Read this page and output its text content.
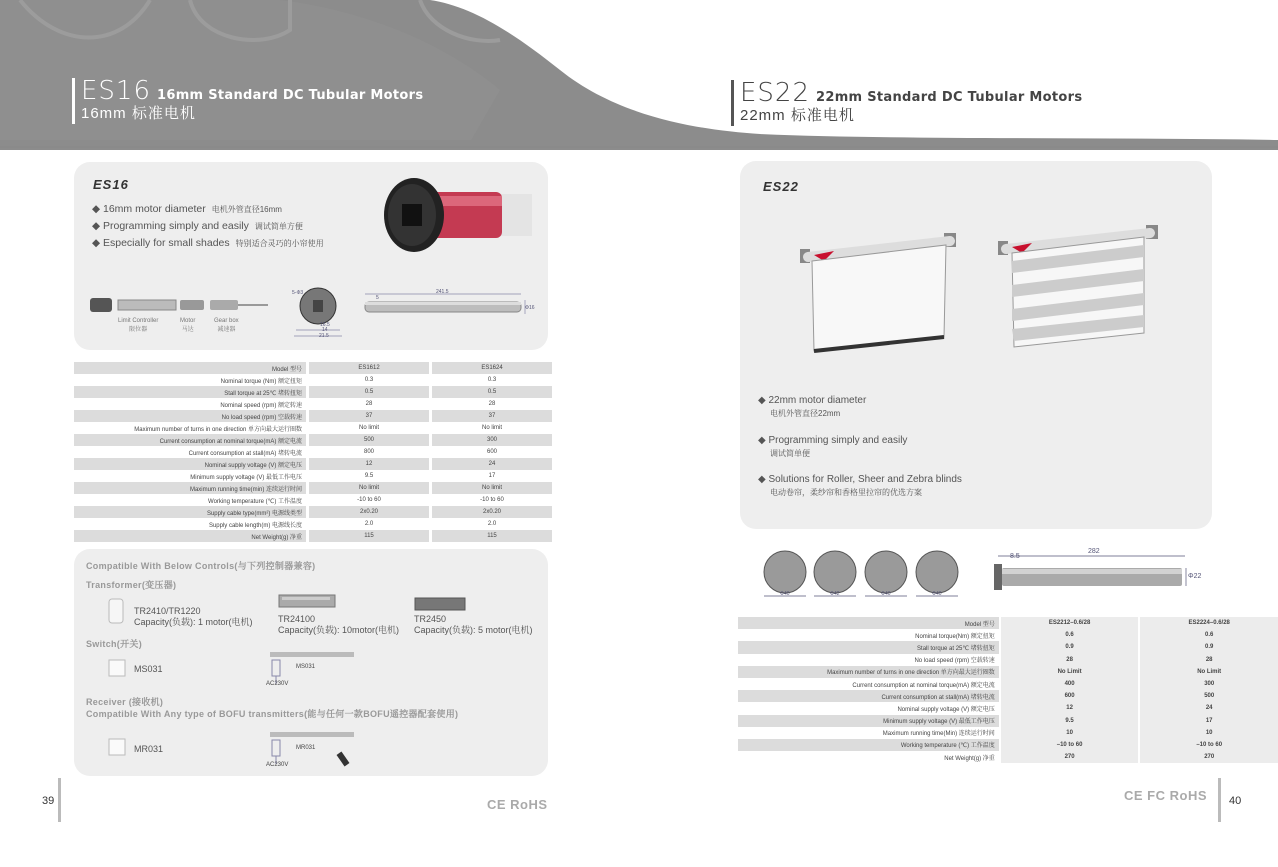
ES16 16mm Standard DC Tubular Motors
16mm 标准电机
ES22 22mm Standard DC Tubular Motors
22mm 标准电机
ES16
◆ 16mm motor diameter 电机外管直径16mm
◆ Programming simply and easily 调试简单方便
◆ Especially for small shades 特别适合灵巧的小帘使用
Limit Controller
限位器
Motor
马达
Gear box
减速器
5-Φ3
16.5
14
21.5
241.5
5
Φ16
Model 型号	ES1612	ES1624
Nominal torque (Nm) 额定扭矩	0.3	0.3
Stall torque at 25℃ 堵转扭矩	0.5	0.5
Nominal speed (rpm) 额定转速	28	28
No load speed (rpm) 空载转速	37	37
Maximum number of turns in one direction 单方向最大运行圈数	No limit	No limit
Current consumption at nominal torque(mA) 额定电流	500	300
Current consumption at stall(mA) 堵转电流	800	600
Nominal supply voltage (V) 额定电压	12	24
Minimum supply voltage (V) 最低工作电压	9.5	17
Maximum running time(min) 连续运行时间	No limit	No limit
Working temperature (℃) 工作温度	-10 to 60	-10 to 60
Supply cable type(mm²) 电源线类型	2x0.20	2x0.20
Supply cable length(m) 电源线长度	2.0	2.0
Net Weight(g) 净重	115	115
Compatible With Below Controls(与下列控制器兼容)
Transformer(变压器)
TR2410/TR1220
Capacity(负载): 1 motor(电机)	TR24100
Capacity(负载): 10motor(电机)
TR2450
Capacity(负载): 5 motor(电机)
Switch(开关)
MS031	MS031
AC230V
Receiver (接收机)
Compatible With Any type of BOFU transmitters(能与任何一款BOFU遥控器配套使用)
MR031	MR031
AC230V
39	CE RoHS
ES22
◆ 22mm motor diameter
电机外管直径22mm
◆ Programming simply and easily
调试简单便
◆ Solutions for Roller, Sheer and Zebra blinds
电动卷帘，柔纱帘和香格里拉帘的优选方案
Φ40	Φ42	Φ40	Φ40
8.5
282
Φ22
Model 型号	ES2212–0.6/28	ES2224–0.6/28
Nominal torque(Nm) 额定扭矩	0.6	0.6
Stall torque at 25℃ 堵转扭矩	0.9	0.9
No load speed (rpm) 空载转速	28	28
Maximum number of turns in one direction 单方向最大运行圈数	No Limit	No Limit
Current consumption at nominal torque(mA) 额定电流	400	300
Current consumption at stall(mA) 堵转电流	600	500
Nominal supply voltage (V) 额定电压	12	24
Minimum supply voltage (V) 最低工作电压	9.5	17
Maximum running time(Min) 连续运行时间	10	10
Working temperature (℃) 工作温度	–10 to 60	–10 to 60
Net Weight(g) 净重	270	270
CE FC RoHS 40
